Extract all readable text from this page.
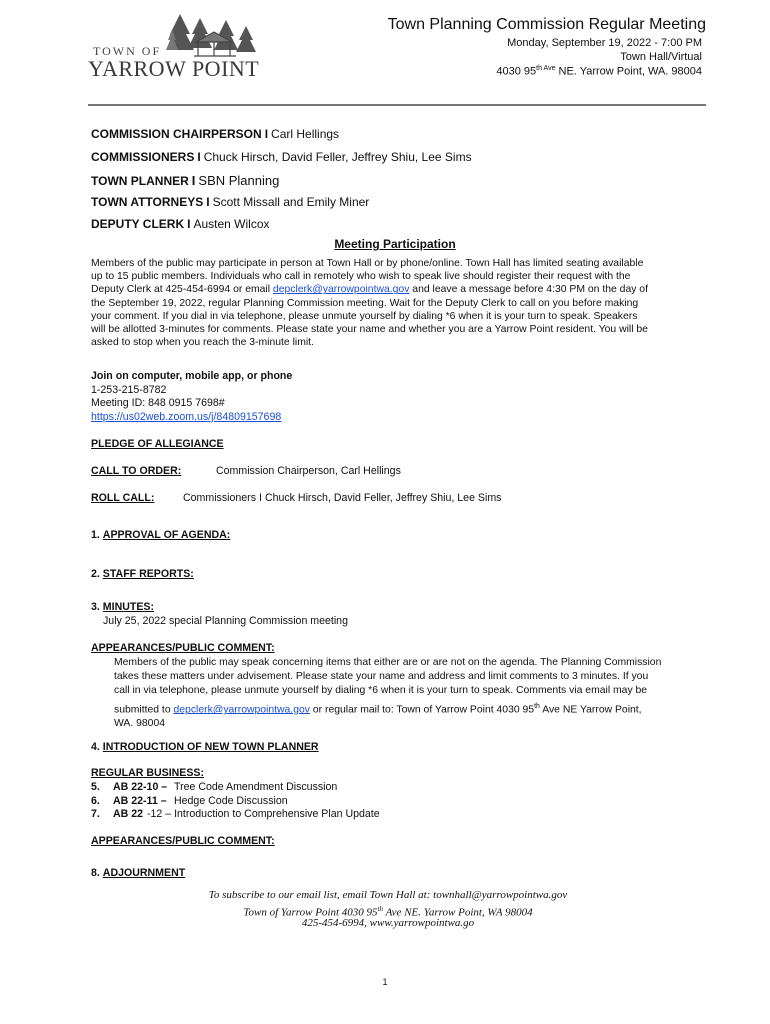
TOWN OF
YARROW POINT
Town Planning Commission Regular Meeting
Monday, September 19, 2022 - 7:00 PM
Town Hall/Virtual
4030 $95^{th Ave}$ NE. Yarrow Point, WA. 98004
COMMISSION CHAIRPERSON I Carl Hellings
COMMISSIONERS I Chuck Hirsch, David Feller, Jeffrey Shiu, Lee Sims
TOWN PLANNER I SBN Planning
TOWN ATTORNEYS I Scott Missall and Emily Miner
DEPUTY CLERK I Austen Wilcox
Meeting Participation
Members of the public may participate in person at Town Hall or by phone/online. Town Hall has limited seating available
up to 15 public members. Individuals who call in remotely who wish to speak live should register their request with the
Deputy Clerk at 425-454-6994 or email depclerk@yarrowpointwa.gov and leave a message before 4:30 PM on the day of
the September 19, 2022, regular Planning Commission meeting. Wait for the Deputy Clerk to call on you before making
your comment. If you dial in via telephone, please unmute yourself by dialing *6 when it is your turn to speak. Speakers
will be allotted 3-minutes for comments. Please state your name and whether you are a Yarrow Point resident. You will be
asked to stop when you reach the 3-minute limit.
Join on computer, mobile app, or phone
1-253-215-8782
Meeting ID: 848 0915 7698#
https://us02web.zoom.us/j/84809157698
PLEDGE OF ALLEGIANCE
CALL TO ORDER:	Commission Chairperson, Carl Hellings
ROLL CALL:	Commissioners I Chuck Hirsch, David Feller, Jeffrey Shiu, Lee Sims
1. APPROVAL OF AGENDA:
2. STAFF REPORTS:
3. MINUTES:
July 25, 2022 special Planning Commission meeting
APPEARANCES/PUBLIC COMMENT:
Members of the public may speak concerning items that either are or are not on the agenda. The Planning Commission
takes these matters under advisement. Please state your name and address and limit comments to 3 minutes. If you
call in via telephone, please unmute yourself by dialing *6 when it is your turn to speak. Comments via email may be
submitted to depclerk@yarrowpointwa.gov or regular mail to: Town of Yarrow Point 4030 95th Ave NE Yarrow Point,
WA. 98004
4. INTRODUCTION OF NEW TOWN PLANNER
REGULAR BUSINESS:
5. AB 22-10 – Tree Code Amendment Discussion
6. AB 22-11 – Hedge Code Discussion
7. AB 22 -12 – Introduction to Comprehensive Plan Update
APPEARANCES/PUBLIC COMMENT:
8. ADJOURNMENT
To subscribe to our email list, email Town Hall at: townhall@yarrowpointwa.gov
Town of Yarrow Point 4030 95th Ave NE. Yarrow Point, WA 98004
425-454-6994, www.yarrowpointwa.go
1
